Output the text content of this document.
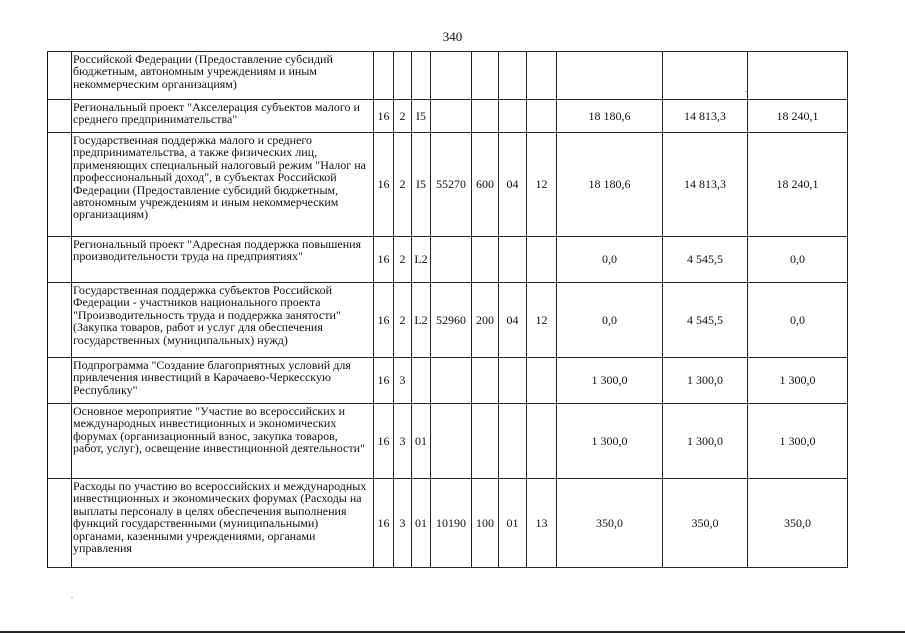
340
	Российской Федерации (Предоставление субсидий бюджетным, автономным учреждениям и иным некоммерческим организациям)										
	Региональный проект "Акселерация субъектов малого и среднего предпринимательства"	16	2	I5					18 180,6	14 813,3	18 240,1
	Государственная поддержка малого и среднего предпринимательства, а также физических лиц, применяющих специальный налоговый режим "Налог на профессиональный доход", в субъектах Российской Федерации (Предоставление субсидий бюджетным, автономным учреждениям и иным некоммерческим организациям)	16	2	I5	55270	600	04	12	18 180,6	14 813,3	18 240,1
	Региональный проект "Адресная поддержка повышения производительности труда на предприятиях"	16	2	L2					0,0	4 545,5	0,0
	Государственная поддержка субъектов Российской Федерации - участников национального проекта "Производительность труда и поддержка занятости" (Закупка товаров, работ и услуг для обеспечения государственных (муниципальных) нужд)	16	2	L2	52960	200	04	12	0,0	4 545,5	0,0
	Подпрограмма "Создание благоприятных условий для привлечения инвестиций в Карачаево-Черкесскую Республику"	16	3						1 300,0	1 300,0	1 300,0
	Основное мероприятие "Участие во всероссийских и международных инвестиционных и экономических форумах (организационный взнос, закупка товаров, работ, услуг), освещение инвестиционной деятельности"	16	3	01					1 300,0	1 300,0	1 300,0
	Расходы по участию во всероссийских и международных инвестиционных и экономических форумах (Расходы на выплаты персоналу в целях обеспечения выполнения функций государственными (муниципальными) органами, казенными учреждениями, органами управления	16	3	01	10190	100	01	13	350,0	350,0	350,0
